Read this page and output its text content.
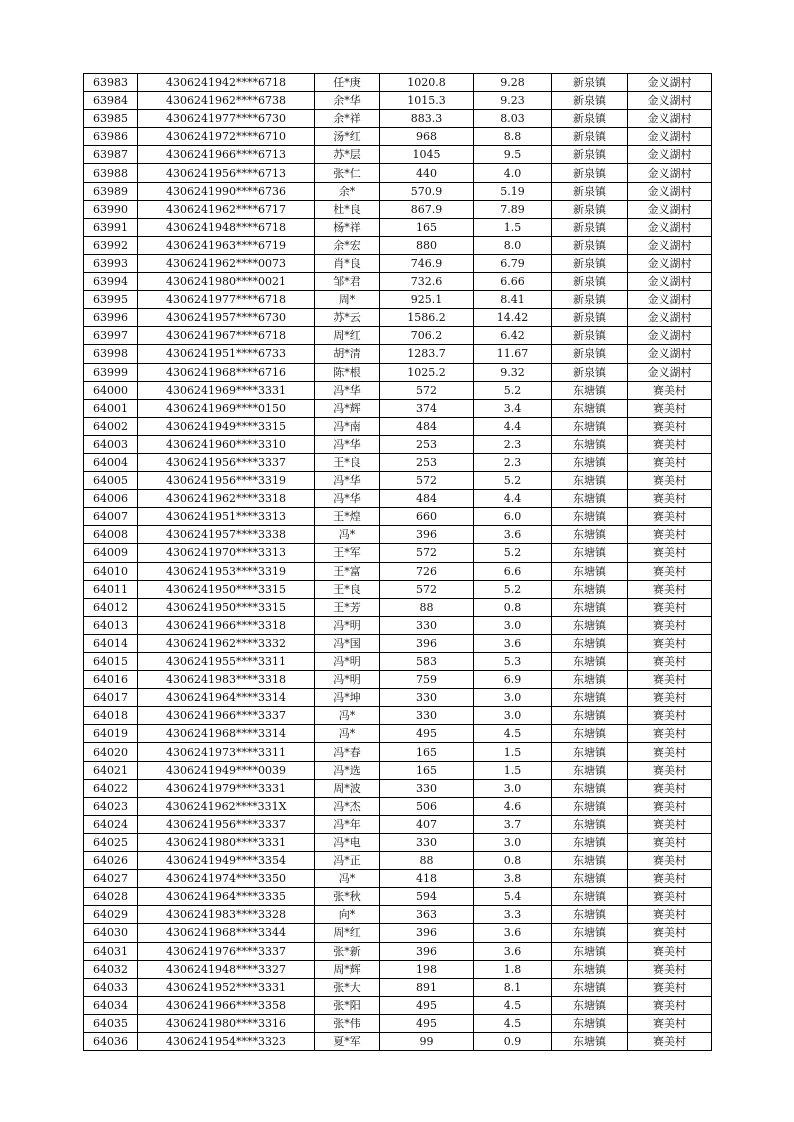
63983	4306241942****6718	任*庚	1020.8	9.28	新泉镇	金义湖村
63984	4306241962****6738	余*华	1015.3	9.23	新泉镇	金义湖村
63985	4306241977****6730	余*祥	883.3	8.03	新泉镇	金义湖村
63986	4306241972****6710	汤*红	968	8.8	新泉镇	金义湖村
63987	4306241966****6713	苏*层	1045	9.5	新泉镇	金义湖村
63988	4306241956****6713	张*仁	440	4.0	新泉镇	金义湖村
63989	4306241990****6736	余*	570.9	5.19	新泉镇	金义湖村
63990	4306241962****6717	杜*良	867.9	7.89	新泉镇	金义湖村
63991	4306241948****6718	杨*祥	165	1.5	新泉镇	金义湖村
63992	4306241963****6719	余*宏	880	8.0	新泉镇	金义湖村
63993	4306241962****0073	肖*良	746.9	6.79	新泉镇	金义湖村
63994	4306241980****0021	邹*君	732.6	6.66	新泉镇	金义湖村
63995	4306241977****6718	周*	925.1	8.41	新泉镇	金义湖村
63996	4306241957****6730	苏*云	1586.2	14.42	新泉镇	金义湖村
63997	4306241967****6718	周*红	706.2	6.42	新泉镇	金义湖村
63998	4306241951****6733	胡*清	1283.7	11.67	新泉镇	金义湖村
63999	4306241968****6716	陈*根	1025.2	9.32	新泉镇	金义湖村
64000	4306241969****3331	冯*华	572	5.2	东塘镇	赛美村
64001	4306241969****0150	冯*辉	374	3.4	东塘镇	赛美村
64002	4306241949****3315	冯*南	484	4.4	东塘镇	赛美村
64003	4306241960****3310	冯*华	253	2.3	东塘镇	赛美村
64004	4306241956****3337	王*良	253	2.3	东塘镇	赛美村
64005	4306241956****3319	冯*华	572	5.2	东塘镇	赛美村
64006	4306241962****3318	冯*华	484	4.4	东塘镇	赛美村
64007	4306241951****3313	王*煌	660	6.0	东塘镇	赛美村
64008	4306241957****3338	冯*	396	3.6	东塘镇	赛美村
64009	4306241970****3313	王*军	572	5.2	东塘镇	赛美村
64010	4306241953****3319	王*富	726	6.6	东塘镇	赛美村
64011	4306241950****3315	王*良	572	5.2	东塘镇	赛美村
64012	4306241950****3315	王*芳	88	0.8	东塘镇	赛美村
64013	4306241966****3318	冯*明	330	3.0	东塘镇	赛美村
64014	4306241962****3332	冯*国	396	3.6	东塘镇	赛美村
64015	4306241955****3311	冯*明	583	5.3	东塘镇	赛美村
64016	4306241983****3318	冯*明	759	6.9	东塘镇	赛美村
64017	4306241964****3314	冯*坤	330	3.0	东塘镇	赛美村
64018	4306241966****3337	冯*	330	3.0	东塘镇	赛美村
64019	4306241968****3314	冯*	495	4.5	东塘镇	赛美村
64020	4306241973****3311	冯*春	165	1.5	东塘镇	赛美村
64021	4306241949****0039	冯*选	165	1.5	东塘镇	赛美村
64022	4306241979****3331	周*波	330	3.0	东塘镇	赛美村
64023	4306241962****331X	冯*杰	506	4.6	东塘镇	赛美村
64024	4306241956****3337	冯*年	407	3.7	东塘镇	赛美村
64025	4306241980****3331	冯*电	330	3.0	东塘镇	赛美村
64026	4306241949****3354	冯*正	88	0.8	东塘镇	赛美村
64027	4306241974****3350	冯*	418	3.8	东塘镇	赛美村
64028	4306241964****3335	张*秋	594	5.4	东塘镇	赛美村
64029	4306241983****3328	向*	363	3.3	东塘镇	赛美村
64030	4306241968****3344	周*红	396	3.6	东塘镇	赛美村
64031	4306241976****3337	张*新	396	3.6	东塘镇	赛美村
64032	4306241948****3327	周*辉	198	1.8	东塘镇	赛美村
64033	4306241952****3331	张*大	891	8.1	东塘镇	赛美村
64034	4306241966****3358	张*阳	495	4.5	东塘镇	赛美村
64035	4306241980****3316	张*伟	495	4.5	东塘镇	赛美村
64036	4306241954****3323	夏*军	99	0.9	东塘镇	赛美村
